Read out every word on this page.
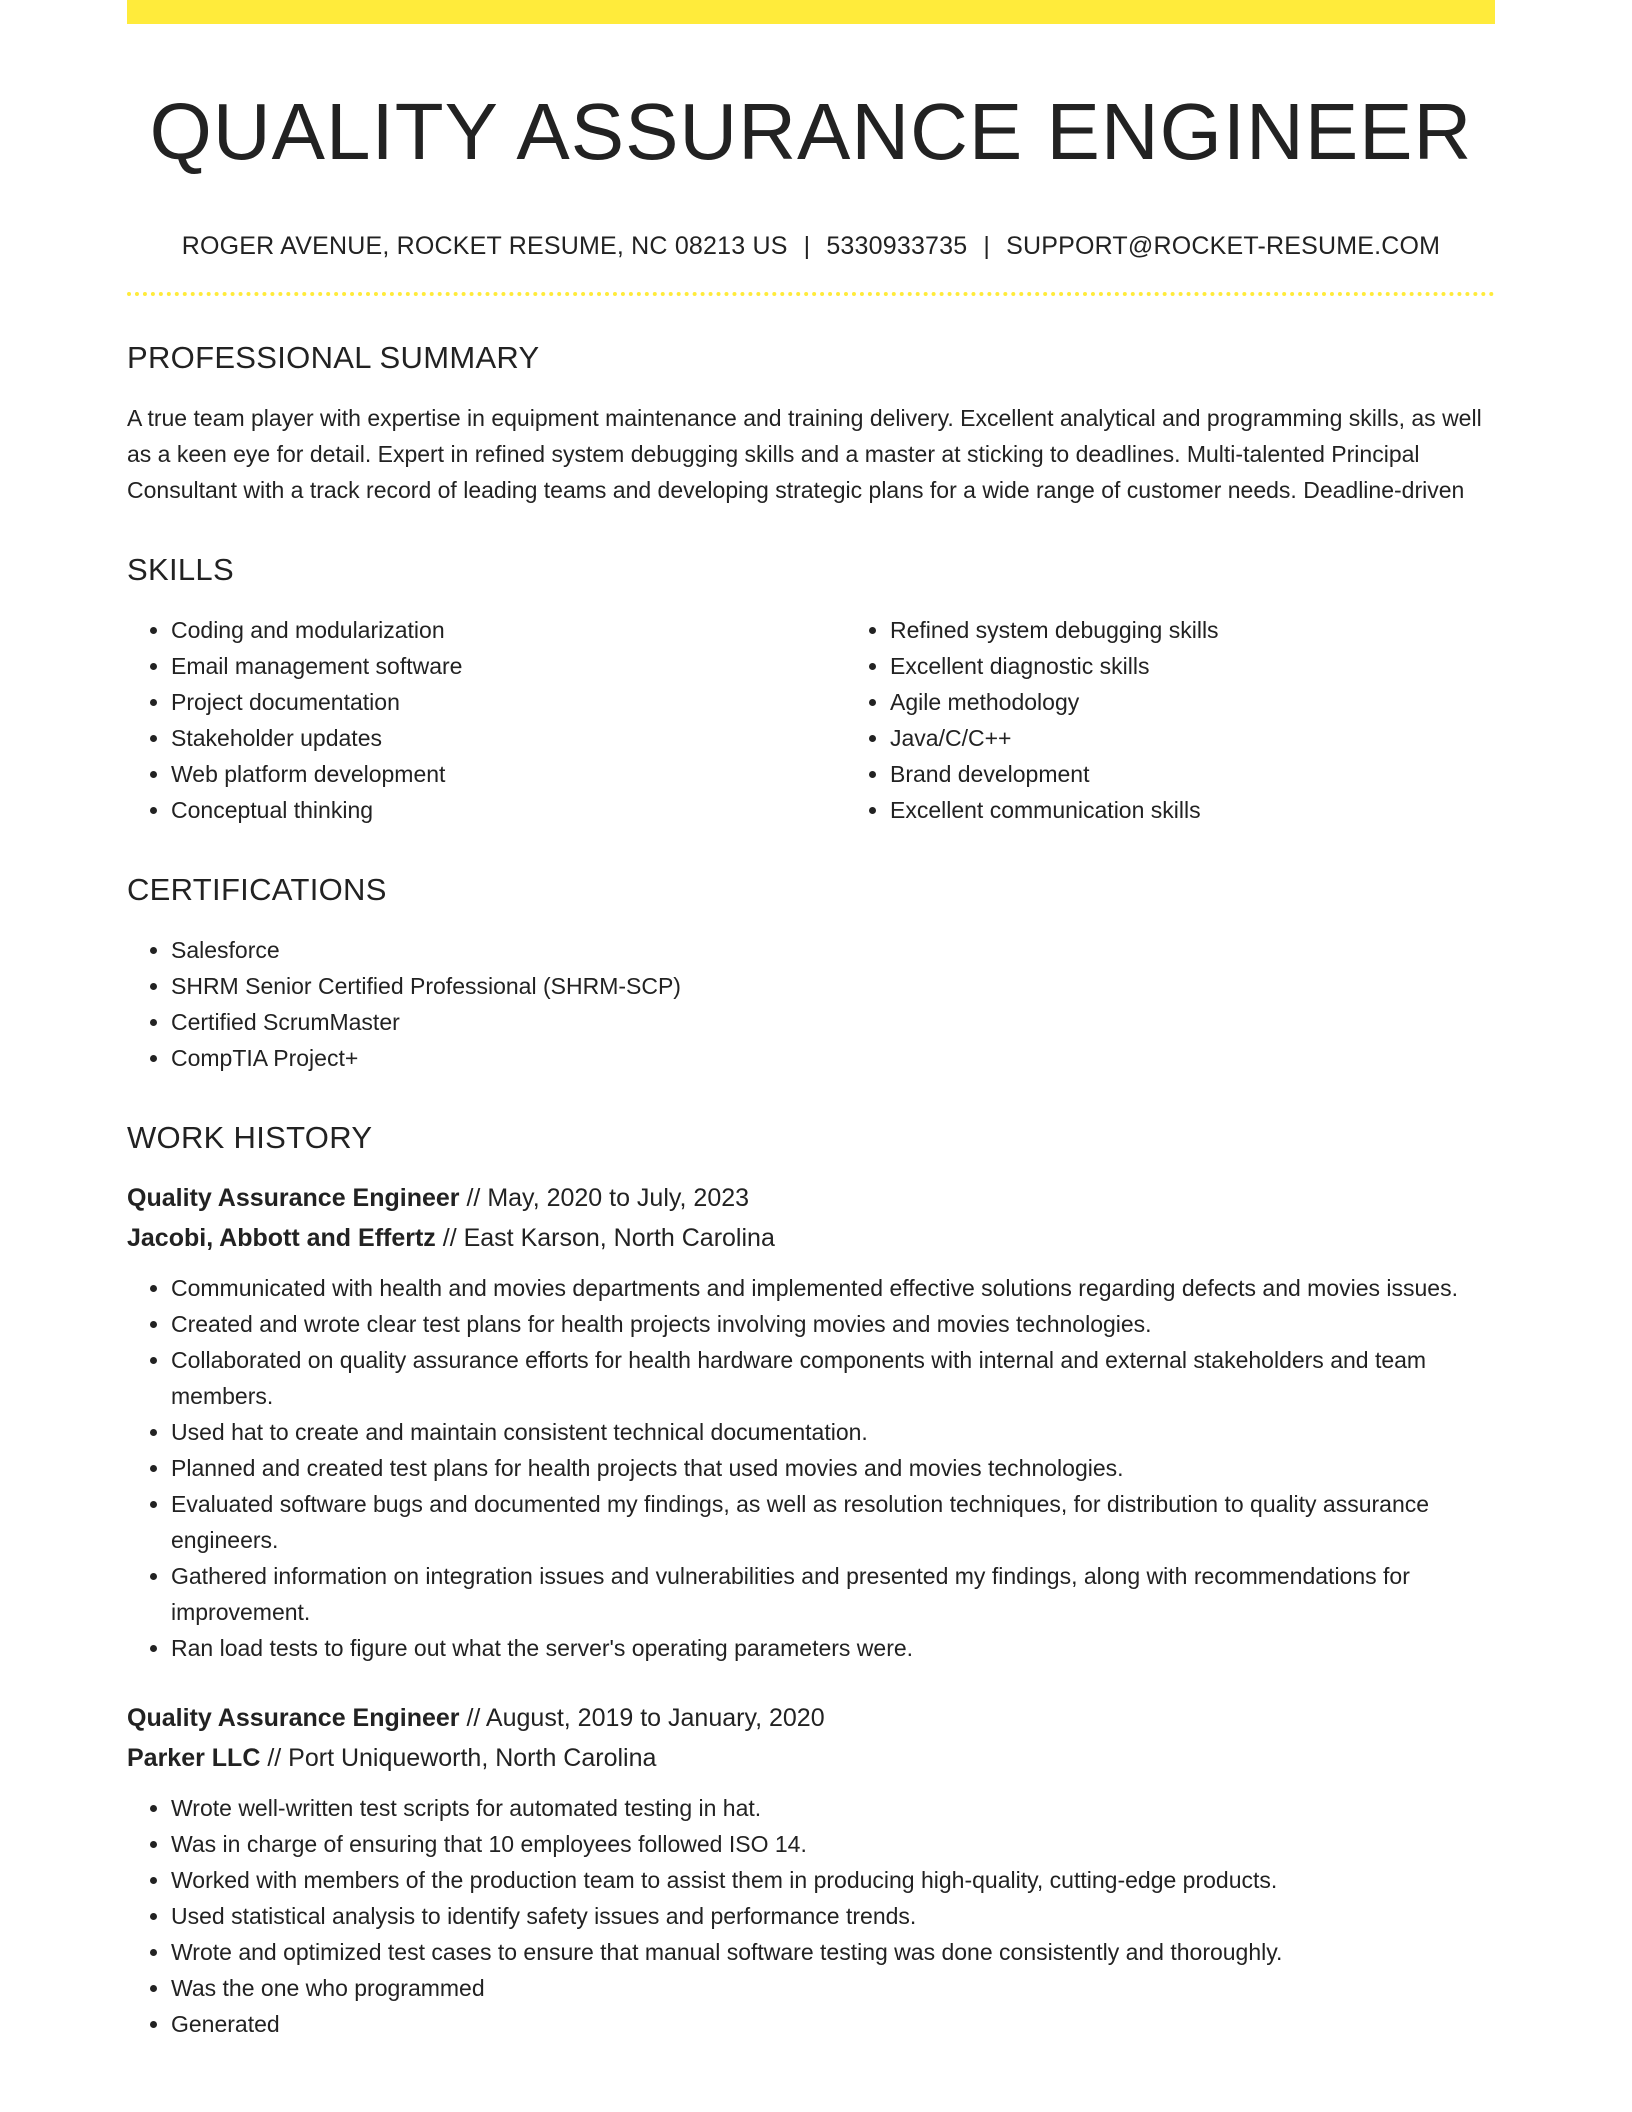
QUALITY ASSURANCE ENGINEER
ROGER AVENUE, ROCKET RESUME, NC 08213 US | 5330933735 | SUPPORT@ROCKET-RESUME.COM
PROFESSIONAL SUMMARY

A true team player with expertise in equipment maintenance and training delivery. Excellent analytical and programming skills, as well as a keen eye for detail. Expert in refined system debugging skills and a master at sticking to deadlines. Multi-talented Principal Consultant with a track record of leading teams and developing strategic plans for a wide range of customer needs. Deadline-driven

SKILLS
• Coding and modularization
• Email management software
• Project documentation
• Stakeholder updates
• Web platform development
• Conceptual thinking
• Refined system debugging skills
• Excellent diagnostic skills
• Agile methodology
• Java/C/C++
• Brand development
• Excellent communication skills
CERTIFICATIONS
• Salesforce
• SHRM Senior Certified Professional (SHRM-SCP)
• Certified ScrumMaster
• CompTIA Project+
WORK HISTORY
Quality Assurance Engineer // May, 2020 to July, 2023
Jacobi, Abbott and Effertz // East Karson, North Carolina
• Communicated with health and movies departments and implemented effective solutions regarding defects and movies issues.
• Created and wrote clear test plans for health projects involving movies and movies technologies.
• Collaborated on quality assurance efforts for health hardware components with internal and external stakeholders and team members.
• Used hat to create and maintain consistent technical documentation.
• Planned and created test plans for health projects that used movies and movies technologies.
• Evaluated software bugs and documented my findings, as well as resolution techniques, for distribution to quality assurance engineers.
• Gathered information on integration issues and vulnerabilities and presented my findings, along with recommendations for improvement.
• Ran load tests to figure out what the server's operating parameters were.
Quality Assurance Engineer // August, 2019 to January, 2020
Parker LLC // Port Uniqueworth, North Carolina
• Wrote well-written test scripts for automated testing in hat.
• Was in charge of ensuring that 10 employees followed ISO 14.
• Worked with members of the production team to assist them in producing high-quality, cutting-edge products.
• Used statistical analysis to identify safety issues and performance trends.
• Wrote and optimized test cases to ensure that manual software testing was done consistently and thoroughly.
• Was the one who programmed
• Generated
